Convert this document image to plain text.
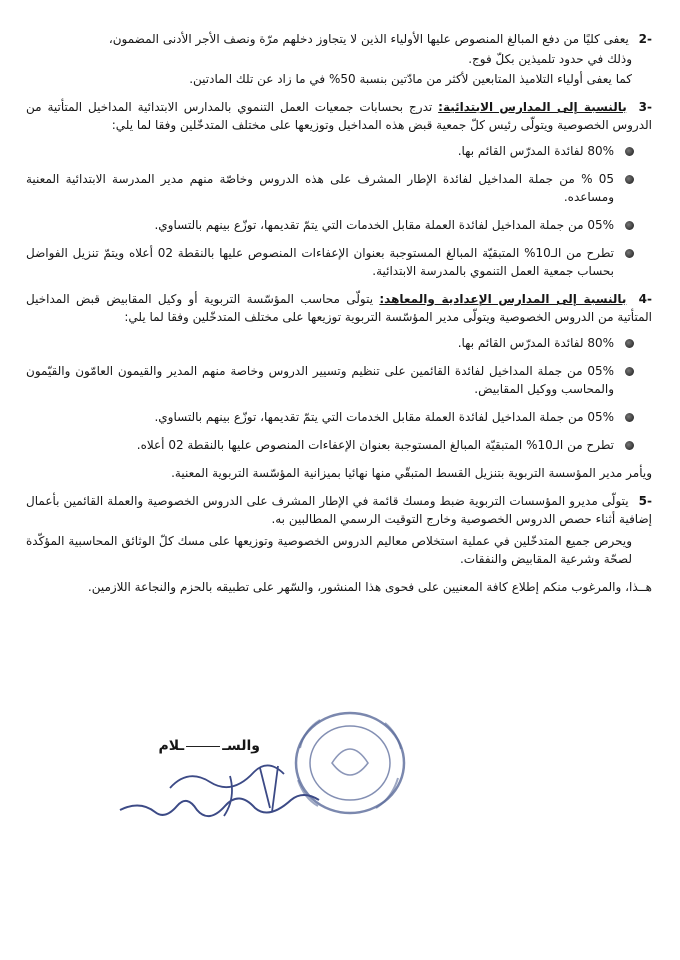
-2 يعفى كليًا من دفع المبالغ المنصوص عليها الأولياء الذين لا يتجاوز دخلهم مرّة ونصف الأجر الأدنى المضمون،

وذلك في حدود تلميذين بكلّ فوج.

كما يعفى أولياء التلاميذ المتابعين لأكثر من مادّتين بنسبة 50% في ما زاد عن تلك المادتين.

-3 بالنسبة إلى المدارس الابتدائية: تدرج بحسابات جمعيات العمل التنموي بالمدارس الابتدائية المداخيل المتأتية من الدروس الخصوصية ويتولّى رئيس كلّ جمعية قبض هذه المداخيل وتوزيعها على مختلف المتدخّلين وفقا لما يلي:

80% لفائدة المدرّس القائم بها.
05 % من جملة المداخيل لفائدة الإطار المشرف على هذه الدروس وخاصّة منهم مدير المدرسة الابتدائية المعنية ومساعده.
05% من جملة المداخيل لفائدة العملة مقابل الخدمات التي يتمّ تقديمها، توزّع بينهم بالتساوي.
تطرح من الـ10% المتبقيّة المبالغ المستوجبة بعنوان الإعفاءات المنصوص عليها بالنقطة 02 أعلاه ويتمّ تنزيل الفواضل بحساب جمعية العمل التنموي بالمدرسة الابتدائية.

-4 بالنسبة إلى المدارس الإعدادية والمعاهد: يتولّى محاسب المؤسّسة التربوية أو وكيل المقابيض قبض المداخيل المتأتية من الدروس الخصوصية ويتولّى مدير المؤسّسة التربوية توزيعها على مختلف المتدخّلين وفقا لما يلي:

80% لفائدة المدرّس القائم بها.
05% من جملة المداخيل لفائدة القائمين على تنظيم وتسيير الدروس وخاصة منهم المدير والقيمون العامّون والقيّمون والمحاسب ووكيل المقابيض.
05% من جملة المداخيل لفائدة العملة مقابل الخدمات التي يتمّ تقديمها، توزّع بينهم بالتساوي.
تطرح من الـ10% المتبقيّة المبالغ المستوجبة بعنوان الإعفاءات المنصوص عليها بالنقطة 02 أعلاه.

ويأمر مدير المؤسسة التربوية بتنزيل القسط المتبقّي منها نهائيا بميزانية المؤسّسة التربوية المعنية.

-5 يتولّى مديرو المؤسسات التربوية ضبط ومسك قائمة في الإطار المشرف على الدروس الخصوصية والعملة القائمين بأعمال إضافية أثناء حصص الدروس الخصوصية وخارج التوقيت الرسمي المطالبين به.

ويحرص جميع المتدخّلين في عملية استخلاص معاليم الدروس الخصوصية وتوزيعها على مسك كلّ الوثائق المحاسبية المؤكّدة لصحّة وشرعية المقابيض والنفقات.

هــذا، والمرغوب منكم إطلاع كافة المعنيين على فحوى هذا المنشور، والسّهر على تطبيقه بالحزم والنجاعة اللازمين.

والســلام
